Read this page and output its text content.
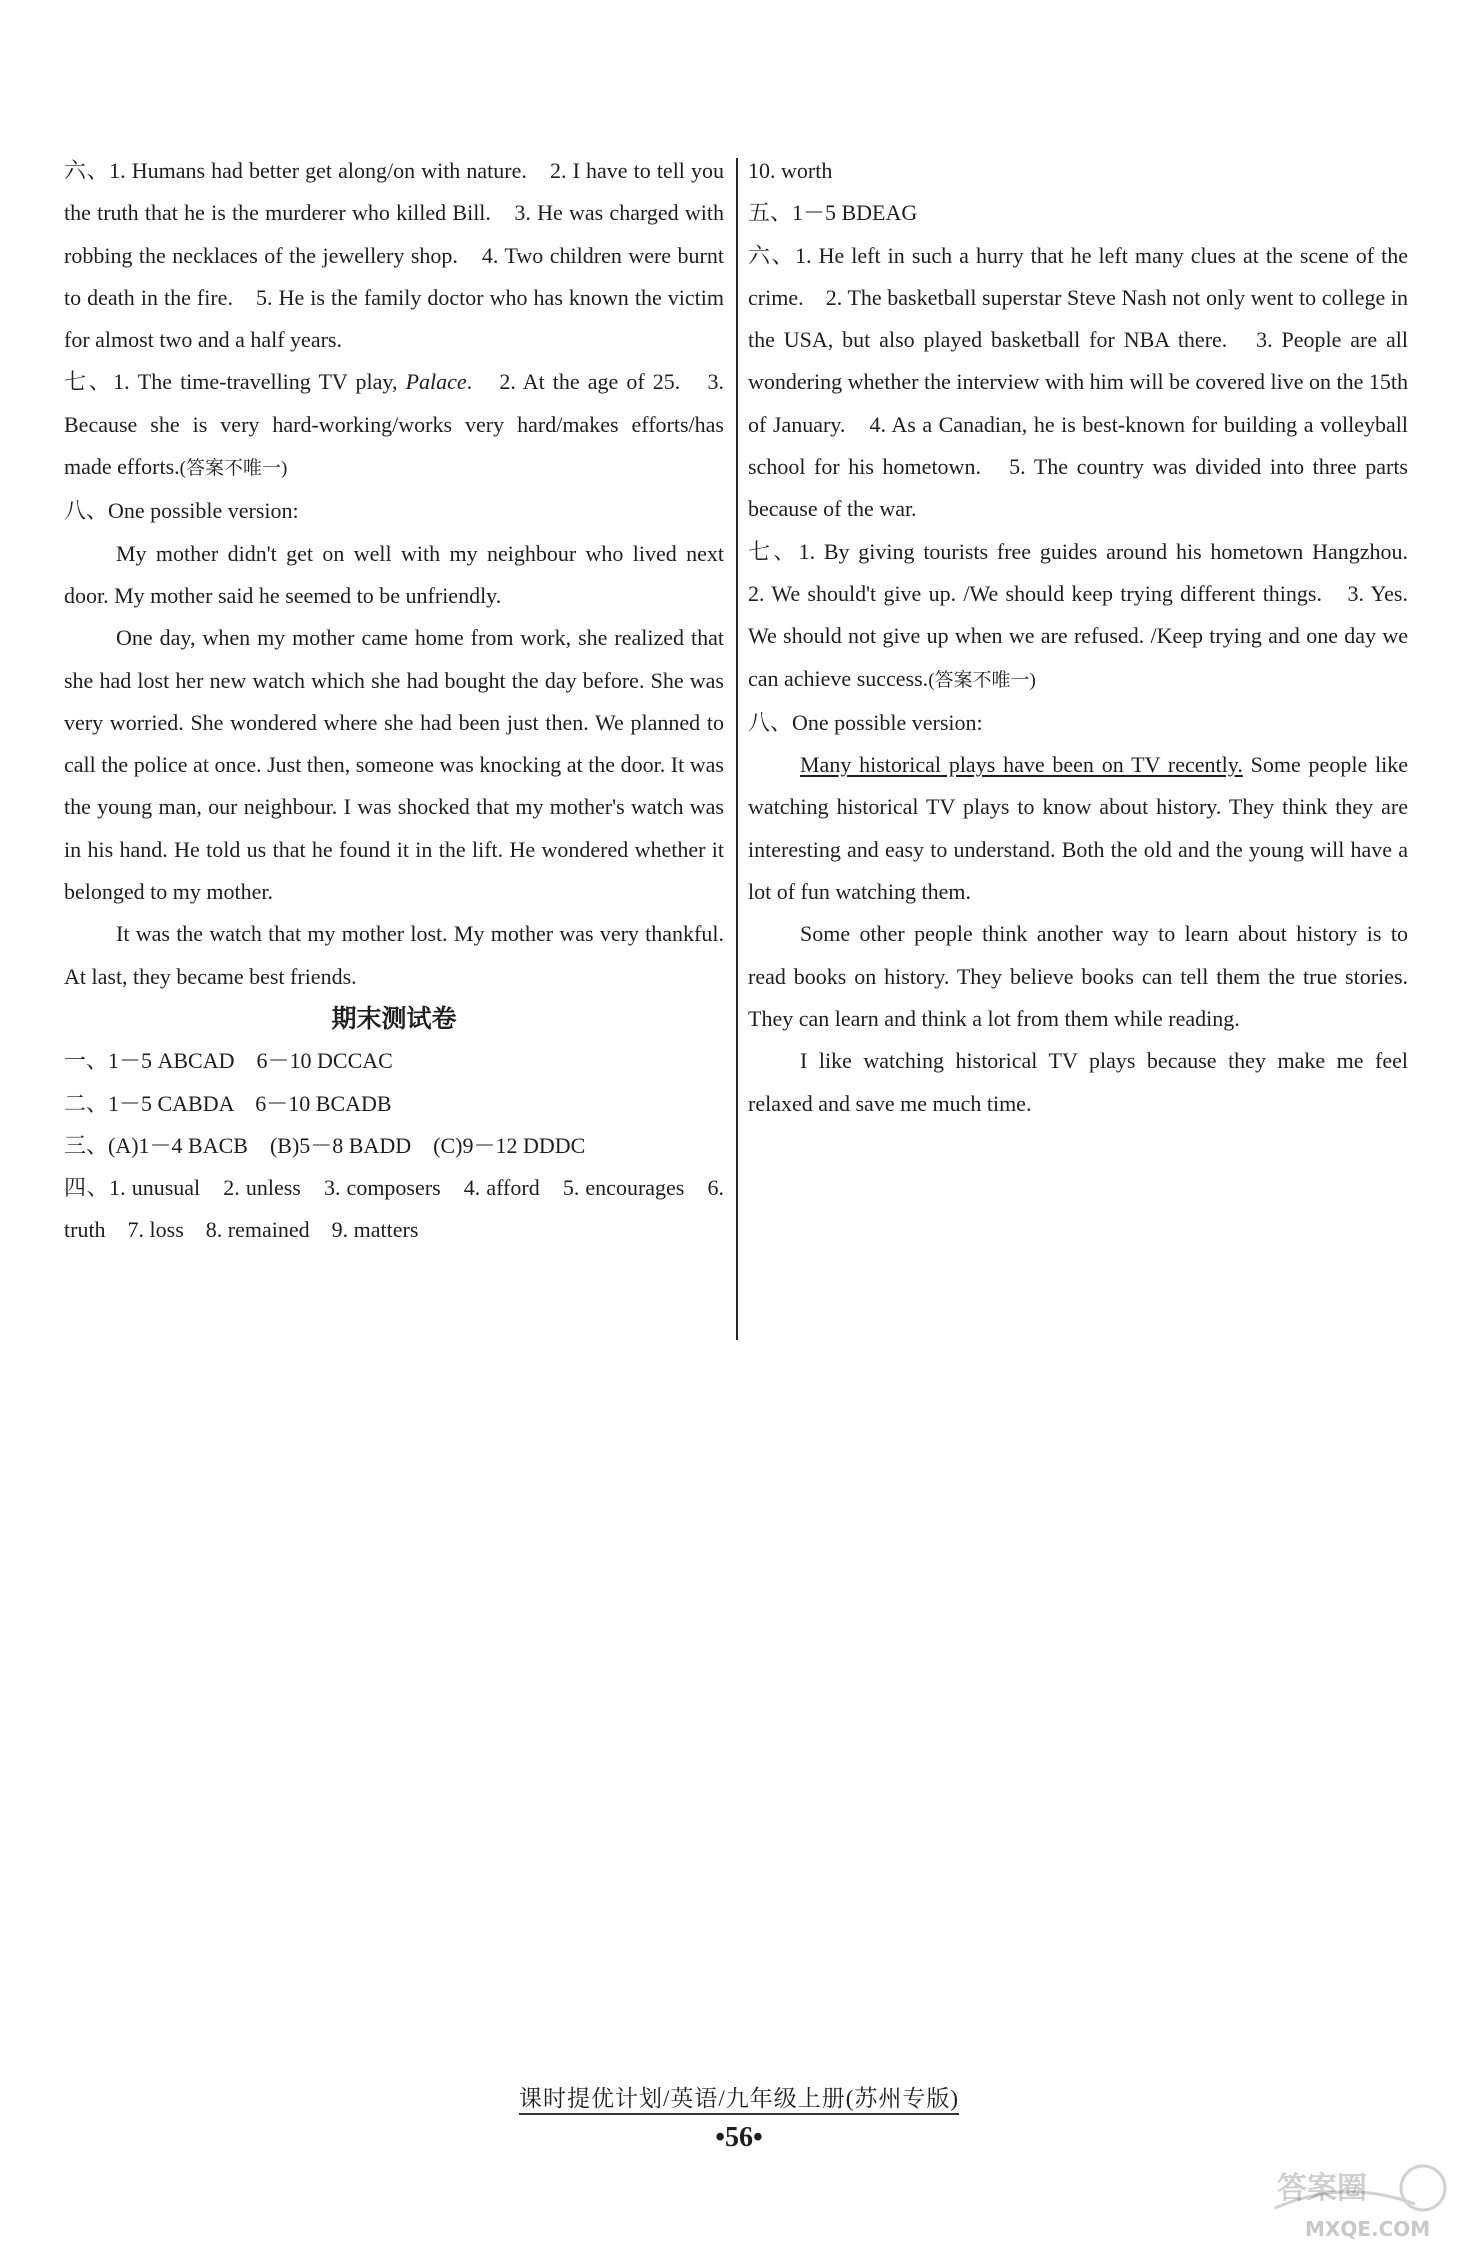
六、1. Humans had better get along/on with nature.　2. I have to tell you the truth that he is the murderer who killed Bill.　3. He was charged with robbing the necklaces of the jewellery shop.　4. Two children were burnt to death in the fire.　5. He is the family doctor who has known the victim for almost two and a half years.

七、1. The time-travelling TV play, Palace.　2. At the age of 25.　3. Because she is very hard-working/works very hard/makes efforts/has made efforts.(答案不唯一)

八、One possible version:

My mother didn't get on well with my neighbour who lived next door. My mother said he seemed to be unfriendly.

One day, when my mother came home from work, she realized that she had lost her new watch which she had bought the day before. She was very worried. She wondered where she had been just then. We planned to call the police at once. Just then, someone was knocking at the door. It was the young man, our neighbour. I was shocked that my mother's watch was in his hand. He told us that he found it in the lift. He wondered whether it belonged to my mother.

It was the watch that my mother lost. My mother was very thankful. At last, they became best friends.

期末测试卷

一、1－5 ABCAD　6－10 DCCAC

二、1－5 CABDA　6－10 BCADB

三、(A)1－4 BACB　(B)5－8 BADD　(C)9－12 DDDC

四、1. unusual　2. unless　3. composers　4. afford　5. encourages　6. truth　7. loss　8. remained　9. matters

10. worth

五、1－5 BDEAG

六、1. He left in such a hurry that he left many clues at the scene of the crime.　2. The basketball superstar Steve Nash not only went to college in the USA, but also played basketball for NBA there.　3. People are all wondering whether the interview with him will be covered live on the 15th of January.　4. As a Canadian, he is best-known for building a volleyball school for his hometown.　5. The country was divided into three parts because of the war.

七、1. By giving tourists free guides around his hometown Hangzhou.　2. We should't give up. /We should keep trying different things.　3. Yes. We should not give up when we are refused. /Keep trying and one day we can achieve success.(答案不唯一)

八、One possible version:

Many historical plays have been on TV recently. Some people like watching historical TV plays to know about history. They think they are interesting and easy to understand. Both the old and the young will have a lot of fun watching them.

Some other people think another way to learn about history is to read books on history. They believe books can tell them the true stories. They can learn and think a lot from them while reading.

I like watching historical TV plays because they make me feel relaxed and save me much time.

课时提优计划/英语/九年级上册(苏州专版)
•56•
答案圈
MXQE.COM
